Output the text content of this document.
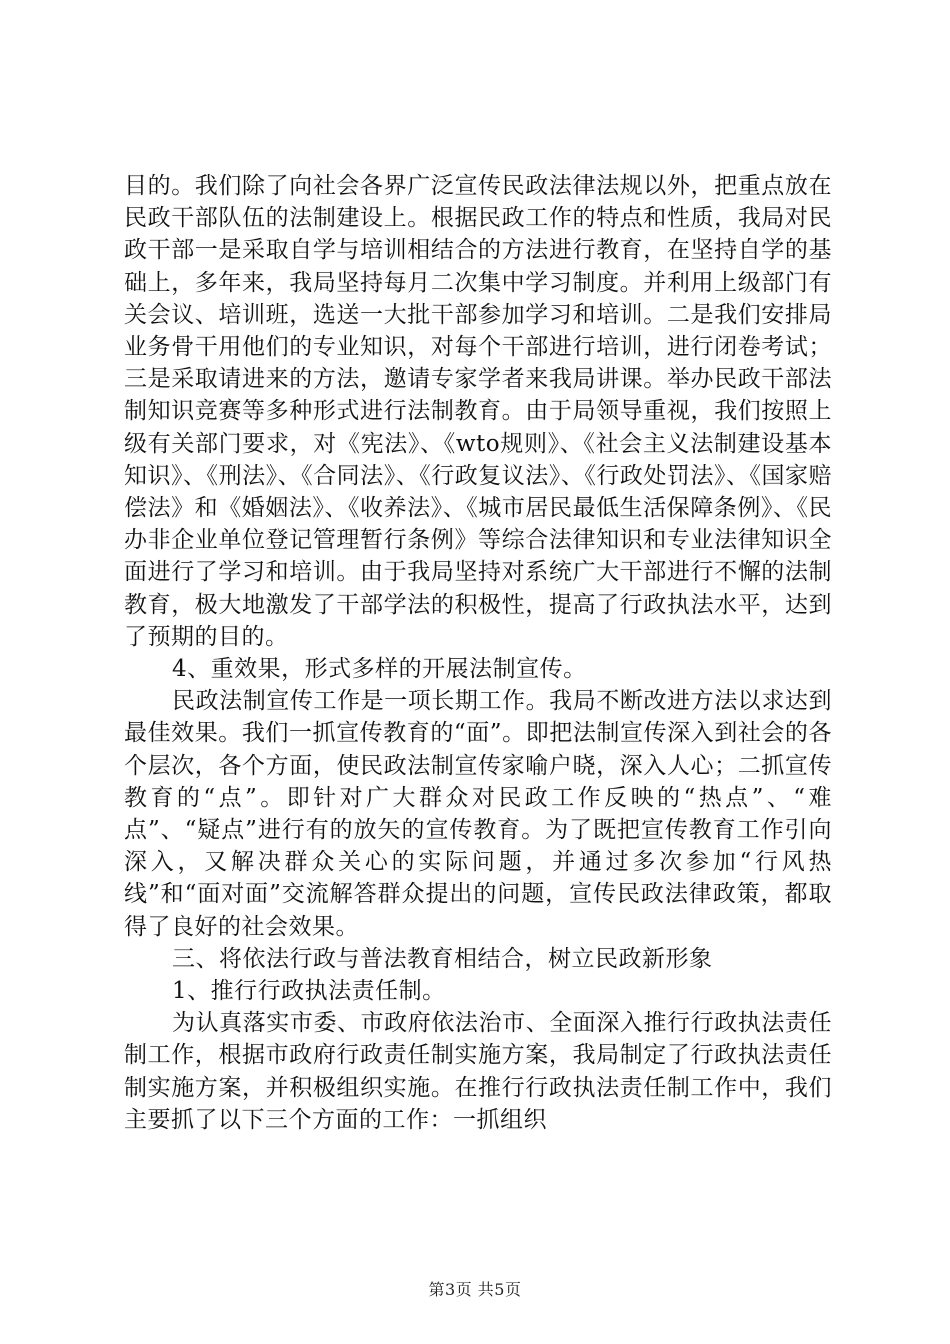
目的。我们除了向社会各界广泛宣传民政法律法规以外，把重点放在民政干部队伍的法制建设上。根据民政工作的特点和性质，我局对民政干部一是采取自学与培训相结合的方法进行教育，在坚持自学的基础上，多年来，我局坚持每月二次集中学习制度。并利用上级部门有关会议、培训班，选送一大批干部参加学习和培训。二是我们安排局业务骨干用他们的专业知识，对每个干部进行培训，进行闭卷考试；三是采取请进来的方法，邀请专家学者来我局讲课。举办民政干部法制知识竞赛等多种形式进行法制教育。由于局领导重视，我们按照上级有关部门要求，对《宪法》、《wto规则》、《社会主义法制建设基本知识》、《刑法》、《合同法》、《行政复议法》、《行政处罚法》、《国家赔偿法》和《婚姻法》、《收养法》、《城市居民最低生活保障条例》、《民办非企业单位登记管理暂行条例》等综合法律知识和专业法律知识全面进行了学习和培训。由于我局坚持对系统广大干部进行不懈的法制教育，极大地激发了干部学法的积极性，提高了行政执法水平，达到了预期的目的。

4、重效果，形式多样的开展法制宣传。

民政法制宣传工作是一项长期工作。我局不断改进方法以求达到最佳效果。我们一抓宣传教育的“面”。即把法制宣传深入到社会的各个层次，各个方面，使民政法制宣传家喻户晓，深入人心；二抓宣传教育的“点”。即针对广大群众对民政工作反映的“热点”、“难点”、“疑点”进行有的放矢的宣传教育。为了既把宣传教育工作引向深入，又解决群众关心的实际问题，并通过多次参加“行风热线”和“面对面”交流解答群众提出的问题，宣传民政法律政策，都取得了良好的社会效果。

三、将依法行政与普法教育相结合，树立民政新形象

1、推行行政执法责任制。

为认真落实市委、市政府依法治市、全面深入推行行政执法责任制工作，根据市政府行政责任制实施方案，我局制定了行政执法责任制实施方案，并积极组织实施。在推行行政执法责任制工作中，我们主要抓了以下三个方面的工作：一抓组织

第3页 共5页
